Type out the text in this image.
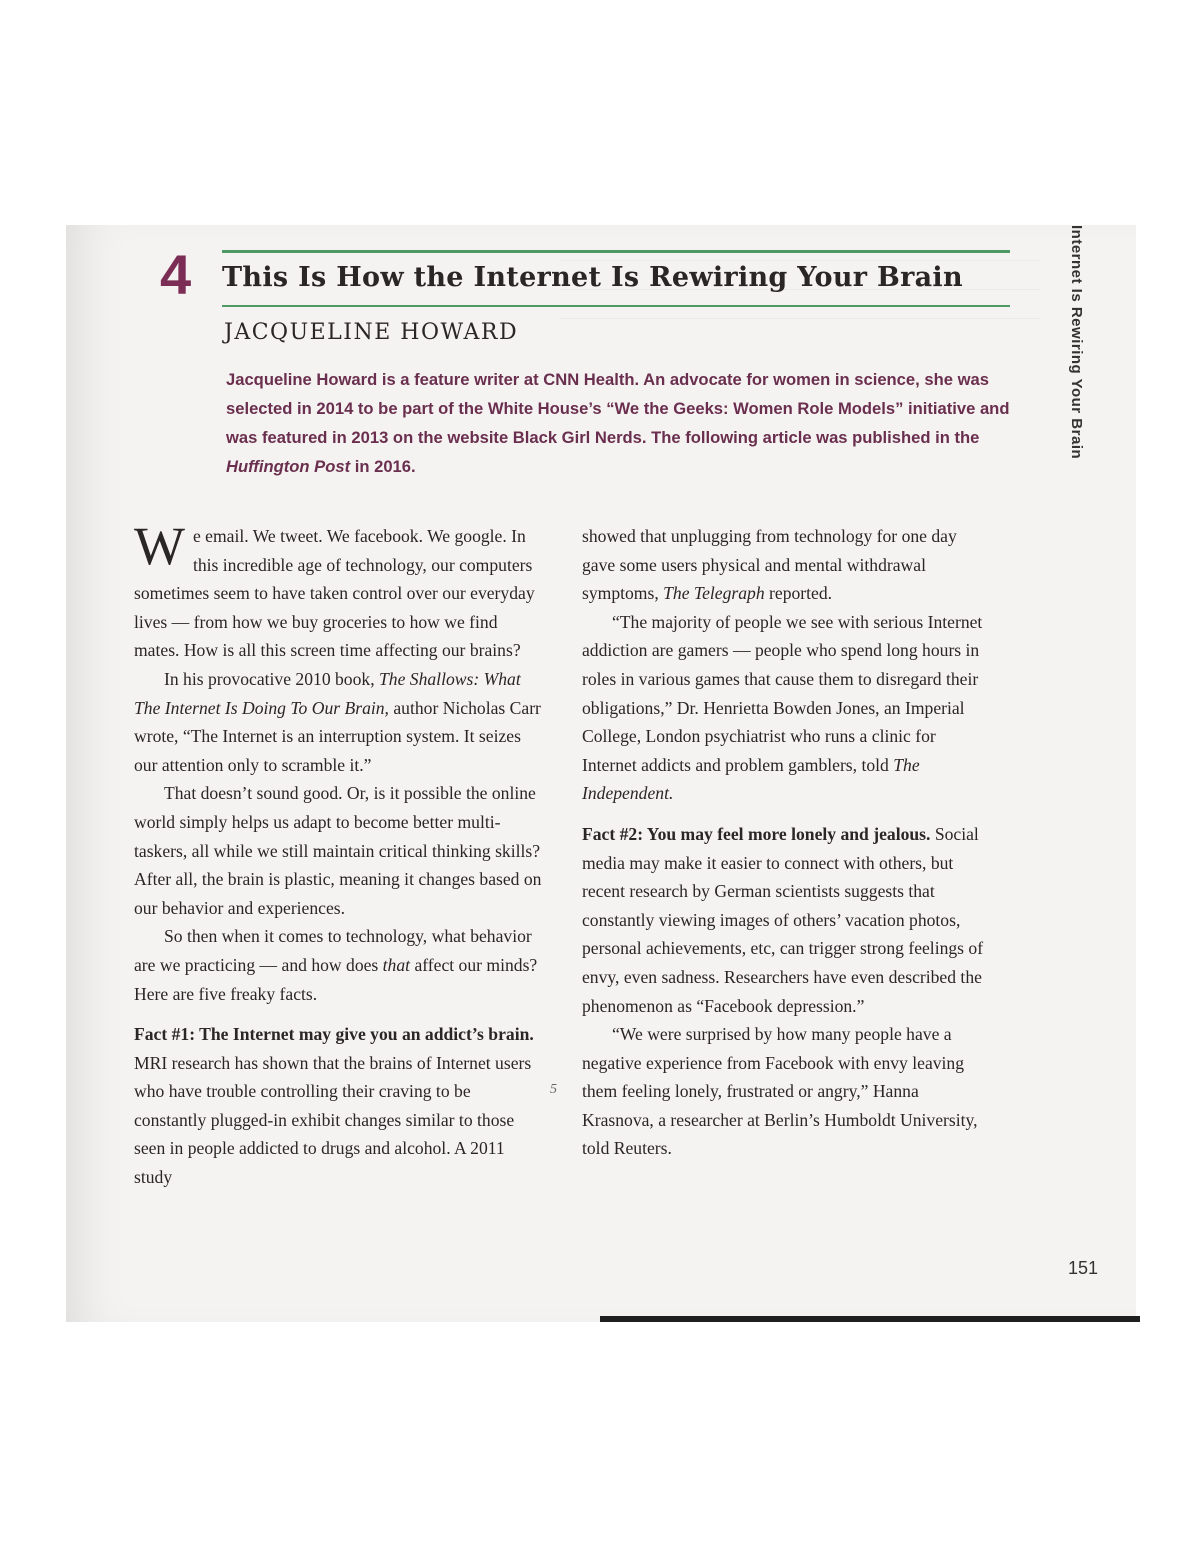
4 This Is How the Internet Is Rewiring Your Brain
JACQUELINE HOWARD
Jacqueline Howard is a feature writer at CNN Health. An advocate for women in science, she was selected in 2014 to be part of the White House’s “We the Geeks: Women Role Models” initiative and was featured in 2013 on the website Black Girl Nerds. The following article was published in the Huffington Post in 2016.

We email. We tweet. We facebook. We google. In this incredible age of technology, our computers sometimes seem to have taken control over our everyday lives — from how we buy groceries to how we find mates. How is all this screen time affecting our brains?

In his provocative 2010 book, The Shallows: What The Internet Is Doing To Our Brain, author Nicholas Carr wrote, “The Internet is an interruption system. It seizes our attention only to scramble it.”

That doesn’t sound good. Or, is it possible the online world simply helps us adapt to become better multi-taskers, all while we still maintain critical thinking skills? After all, the brain is plastic, meaning it changes based on our behavior and experiences.

So then when it comes to technology, what behavior are we practicing — and how does that affect our minds? Here are five freaky facts.

Fact #1: The Internet may give you an addict’s brain. MRI research has shown that the brains of Internet users who have trouble controlling their craving to be constantly plugged-in exhibit changes similar to those seen in people addicted to drugs and alcohol. A 2011 study

showed that unplugging from technology for one day gave some users physical and mental withdrawal symptoms, The Telegraph reported.

“The majority of people we see with serious Internet addiction are gamers — people who spend long hours in roles in various games that cause them to disregard their obligations,” Dr. Henrietta Bowden Jones, an Imperial College, London psychiatrist who runs a clinic for Internet addicts and problem gamblers, told The Independent.

Fact #2: You may feel more lonely and jealous. Social media may make it easier to connect with others, but recent research by German scientists suggests that constantly viewing images of others’ vacation photos, personal achievements, etc, can trigger strong feelings of envy, even sadness. Researchers have even described the phenomenon as “Facebook depression.”

“We were surprised by how many people have a negative experience from Facebook with envy leaving them feeling lonely, frustrated or angry,” Hanna Krasnova, a researcher at Berlin’s Humboldt University, told Reuters.

5
Internet Is Rewiring Your Brain
151
